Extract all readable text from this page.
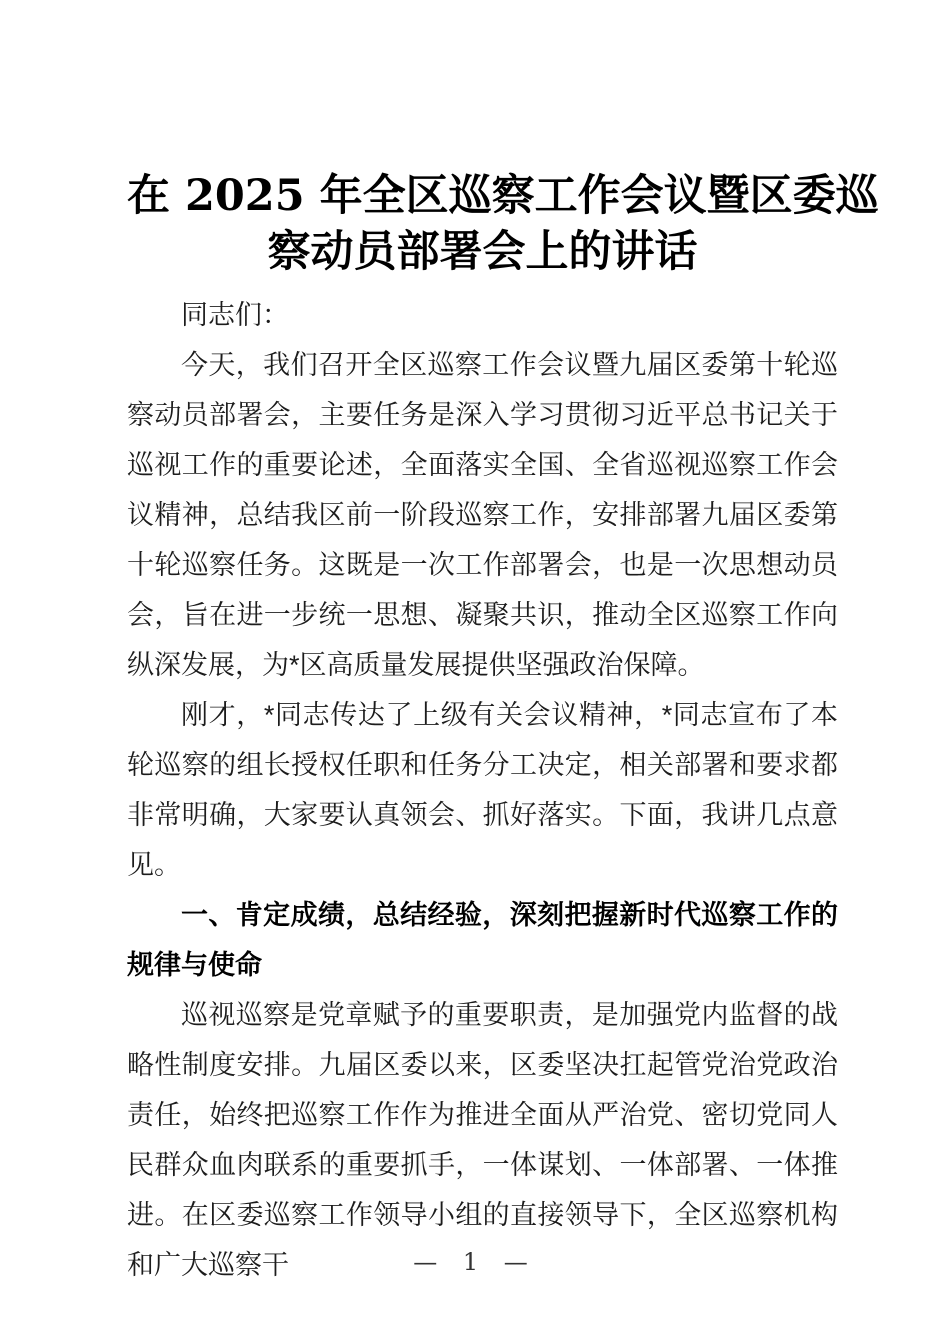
在 2025 年全区巡察工作会议暨区委巡
察动员部署会上的讲话

同志们：

今天，我们召开全区巡察工作会议暨九届区委第十轮巡察动员部署会，主要任务是深入学习贯彻习近平总书记关于巡视工作的重要论述，全面落实全国、全省巡视巡察工作会议精神，总结我区前一阶段巡察工作，安排部署九届区委第十轮巡察任务。这既是一次工作部署会，也是一次思想动员会，旨在进一步统一思想、凝聚共识，推动全区巡察工作向纵深发展，为*区高质量发展提供坚强政治保障。

刚才，*同志传达了上级有关会议精神，*同志宣布了本轮巡察的组长授权任职和任务分工决定，相关部署和要求都非常明确，大家要认真领会、抓好落实。下面，我讲几点意见。

一、肯定成绩，总结经验，深刻把握新时代巡察工作的规律与使命

巡视巡察是党章赋予的重要职责，是加强党内监督的战略性制度安排。九届区委以来，区委坚决扛起管党治党政治责任，始终把巡察工作作为推进全面从严治党、密切党同人民群众血肉联系的重要抓手，一体谋划、一体部署、一体推进。在区委巡察工作领导小组的直接领导下，全区巡察机构和广大巡察干	— 1 —
